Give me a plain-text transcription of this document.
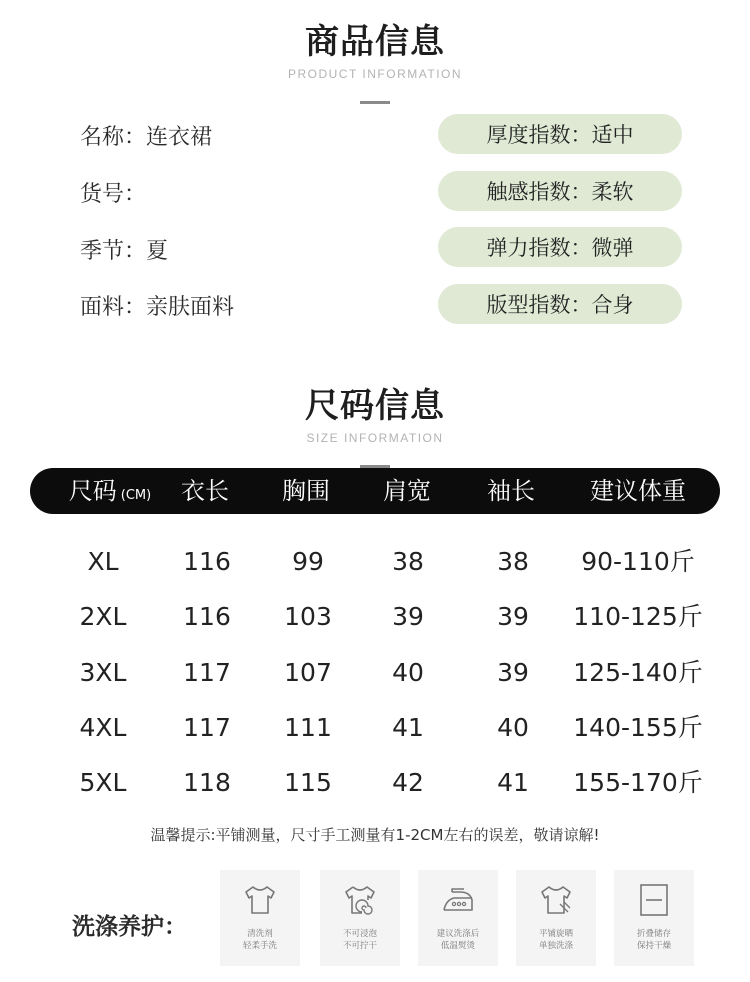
商品信息
PRODUCT INFORMATION
名称：连衣裙
货号：
季节：夏
面料：亲肤面料
厚度指数：适中
触感指数：柔软
弹力指数：微弹
版型指数：合身
尺码信息
SIZE INFORMATION
尺码 (CM)	衣长	胸围	肩宽	袖长	建议体重
XL	116	99	38	38	90-110斤
2XL	116	103	39	39	110-125斤
3XL	117	107	40	39	125-140斤
4XL	117	111	41	40	140-155斤
5XL	118	115	42	41	155-170斤
温馨提示:平铺测量，尺寸手工测量有1-2CM左右的误差，敬请谅解!
洗涤养护：	清洗剂
轻柔手洗
不可浸泡
不可拧干
建议洗涤后
低温熨烫
平铺旋晒
单独洗涤
折叠储存
保持干燥
